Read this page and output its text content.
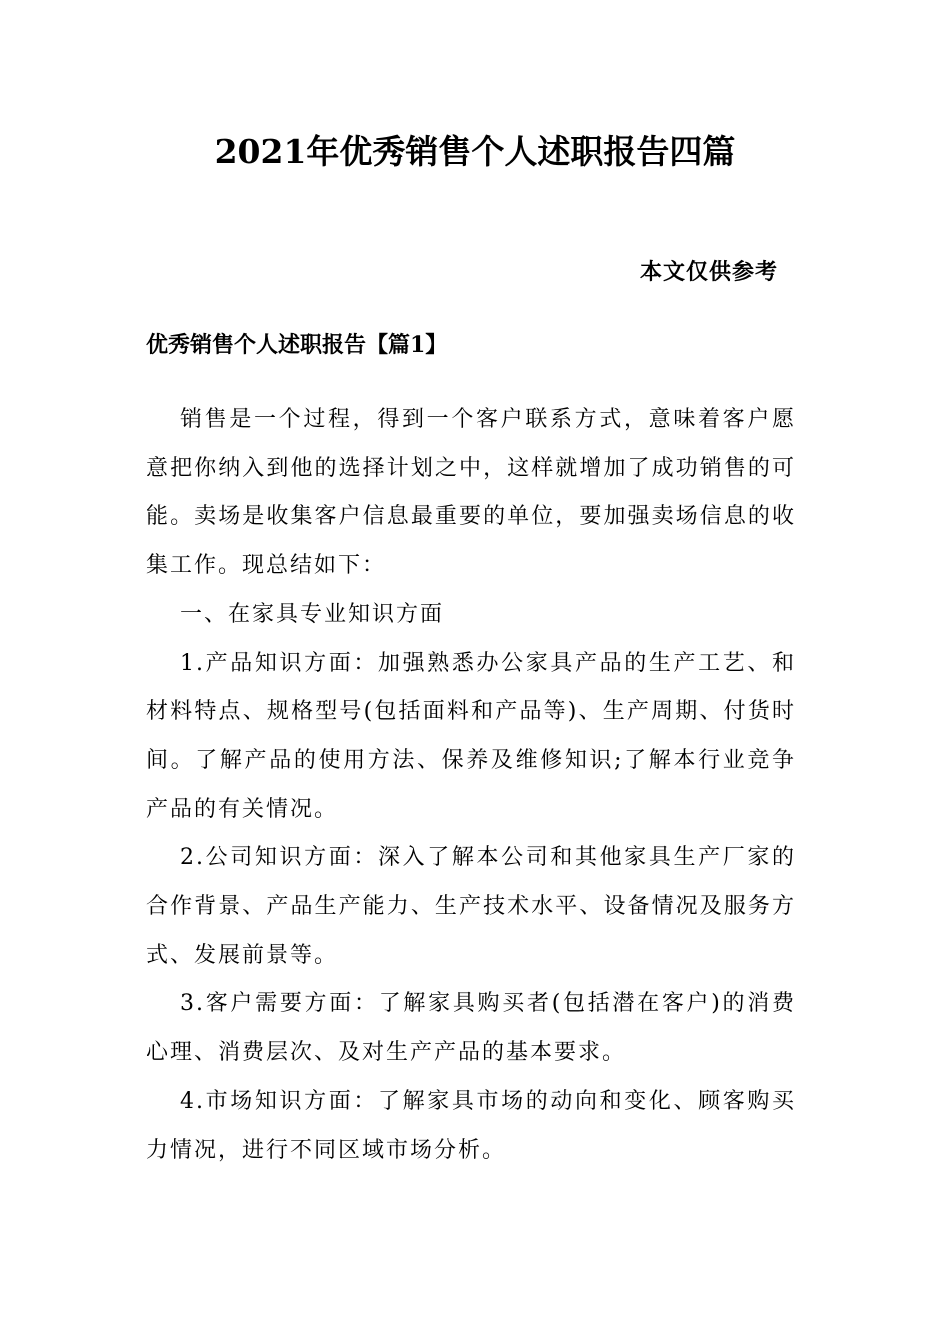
2021年优秀销售个人述职报告四篇
本文仅供参考
优秀销售个人述职报告【篇1】

销售是一个过程，得到一个客户联系方式，意味着客户愿意把你纳入到他的选择计划之中，这样就增加了成功销售的可能。卖场是收集客户信息最重要的单位，要加强卖场信息的收集工作。现总结如下：

一、在家具专业知识方面

1.产品知识方面：加强熟悉办公家具产品的生产工艺、和材料特点、规格型号(包括面料和产品等)、生产周期、付货时间。了解产品的使用方法、保养及维修知识;了解本行业竞争产品的有关情况。

2.公司知识方面：深入了解本公司和其他家具生产厂家的合作背景、产品生产能力、生产技术水平、设备情况及服务方式、发展前景等。

3.客户需要方面：了解家具购买者(包括潜在客户)的消费心理、消费层次、及对生产产品的基本要求。

4.市场知识方面：了解家具市场的动向和变化、顾客购买力情况，进行不同区域市场分析。
